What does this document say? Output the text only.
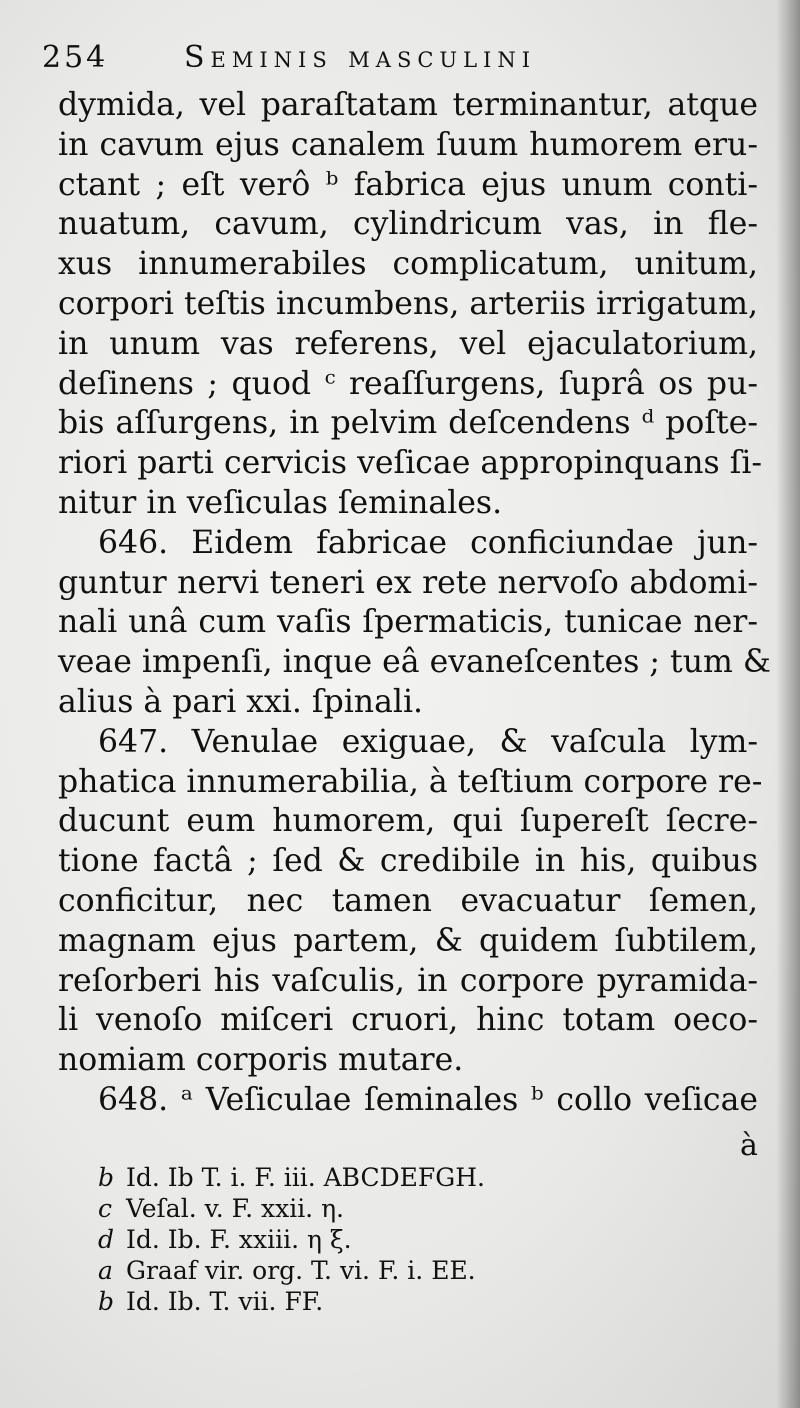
254	Seminis masculini
dymida, vel paraſtatam terminantur, atque
in cavum ejus canalem ſuum humorem eru-
ctant ; eſt verô ᵇ fabrica ejus unum conti-
nuatum, cavum, cylindricum vas, in fle-
xus innumerabiles complicatum, unitum,
corpori teſtis incumbens, arteriis irrigatum,
in unum vas referens, vel ejaculatorium,
deſinens ; quod ᶜ reaſſurgens, ſuprâ os pu-
bis aſſurgens, in pelvim deſcendens ᵈ poſte-
riori parti cervicis veſicae appropinquans ſi-
nitur in veſiculas ſeminales.
646. Eidem fabricae conficiundae jun-
guntur nervi teneri ex rete nervoſo abdomi-
nali unâ cum vaſis ſpermaticis, tunicae ner-
veae impenſi, inque eâ evaneſcentes ; tum &
alius à pari xxi. ſpinali.
647. Venulae exiguae, & vaſcula lym-
phatica innumerabilia, à teſtium corpore re-
ducunt eum humorem, qui ſupereſt ſecre-
tione factâ ; ſed & credibile in his, quibus
conficitur, nec tamen evacuatur ſemen,
magnam ejus partem, & quidem ſubtilem,
reſorberi his vaſculis, in corpore pyramida-
li venoſo miſceri cruori, hinc totam oeco-
nomiam corporis mutare.
648. ᵃ Veſiculae ſeminales ᵇ collo veſicae
à
b Id. Ib T. i. F. iii. ABCDEFGH.
c Veſal. v. F. xxii. η.
d Id. Ib. F. xxiii. η ξ.
a Graaf vir. org. T. vi. F. i. EE.
b Id. Ib. T. vii. FF.
